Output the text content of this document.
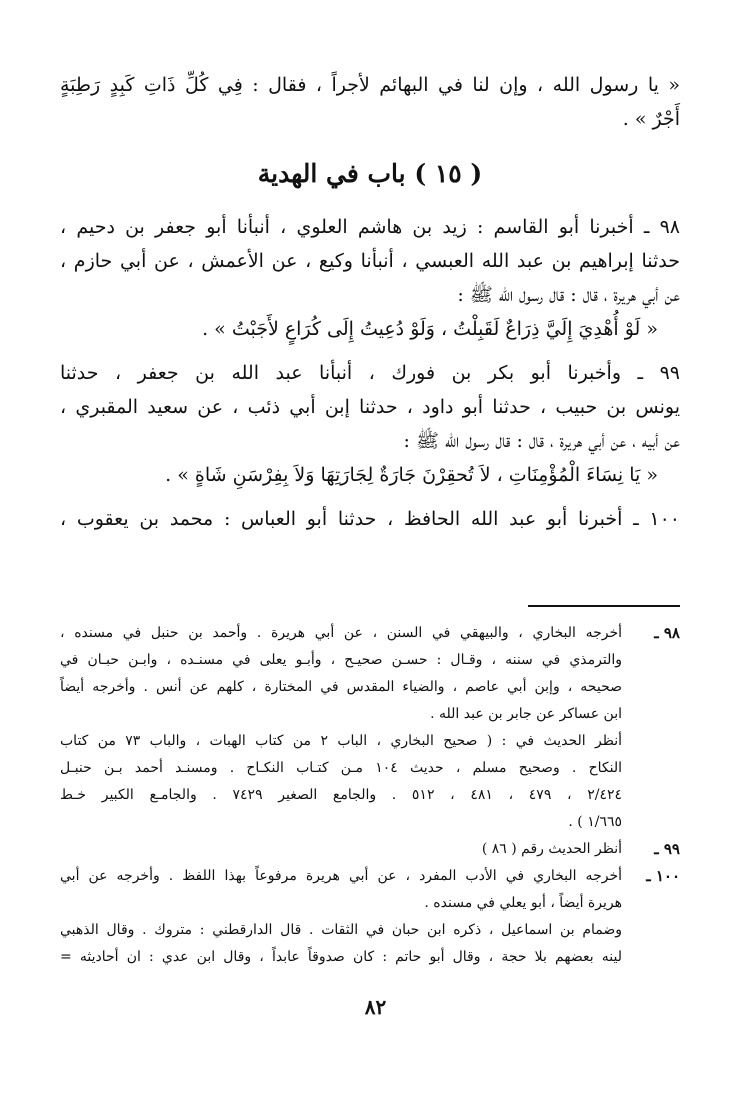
« يا رسول الله ، وإن لنا في البهائم لأجراً ، فقال : فِي كُلِّ ذَاتِ كَبِدٍ رَطِبَةٍ
أَجْرٌ » .
( ١٥ ) باب في الهدية
٩٨ ـ أخبرنا أبو القاسم : زيد بن هاشم العلوي ، أنبأنا أبو جعفر بن دحيم ،
حدثنا إبراهيم بن عبد الله العبسي ، أنبأنا وكيع ، عن الأعمش ، عن أبي حازم ،
عن أبي هريرة ، قال : قال رسول الله ﷺ :
« لَوْ أُهْدِيَ إِلَيَّ ذِرَاعٌ لَقَبِلْتُ ، وَلَوْ دُعِيتُ إِلَى كُرَاعٍ لأَجَبْتُ » .
٩٩ ـ وأخبرنا أبو بكر بن فورك ، أنبأنا عبد الله بن جعفر ، حدثنا
يونس بن حبيب ، حدثنا أبو داود ، حدثنا إبن أبي ذئب ، عن سعيد المقبري ،
عن أبيه ، عن أبي هريرة ، قال : قال رسول الله ﷺ :
« يَا نِسَاءَ الْمُؤْمِنَاتِ ، لاَ تُحقِرْنَ جَارَةٌ لِجَارَتِهَا وَلاَ بِفِرْسَنِ شَاةٍ » .
١٠٠ ـ أخبرنا أبو عبد الله الحافظ ، حدثنا أبو العباس : محمد بن يعقوب ،
٩٨ ـ
أخرجه البخاري ، والبيهقي في السنن ، عن أبي هريرة . وأحمد بن حنبل في مسنده ،
والترمذي في سننه ، وقـال : حسـن صحيـح ، وأبـو يعلى في مسنـده ، وابـن حبـان في
صحيحه ، وإبن أبي عاصم ، والضياء المقدس في المختارة ، كلهم عن أنس . وأخرجه أيضاً
ابن عساكر عن جابر بن عبد الله .
أنظر الحديث في : ( صحيح البخاري ، الباب ٢ من كتاب الهبات ، والباب ٧٣ من كتاب
النكاح . وصحيح مسلم ، حديث ١٠٤ مـن كتـاب النكـاح . ومسنـد أحمد بـن حنبـل
٢/٤٢٤ ، ٤٧٩ ، ٤٨١ ، ٥١٢ . والجامع الصغير ٧٤٢٩ . والجامـع الكبير خـط
١/٦٦٥ ) .
٩٩ ـ
أنظر الحديث رقم ( ٨٦ )
١٠٠ ـ
أخرجه البخاري في الأدب المفرد ، عن أبي هريرة مرفوعاً بهذا اللفظ . وأخرجه عن أبي
هريرة أيضاً ، أبو يعلي في مسنده .
وضمام بن اسماعيل ، ذكره ابن حبان في الثقات . قال الدارقطني : متروك . وقال الذهبي
لينه بعضهم بلا حجة ، وقال أبو حاتم : كان صدوقاً عابداً ، وقال ابن عدي : ان أحاديثه =
٨٢
